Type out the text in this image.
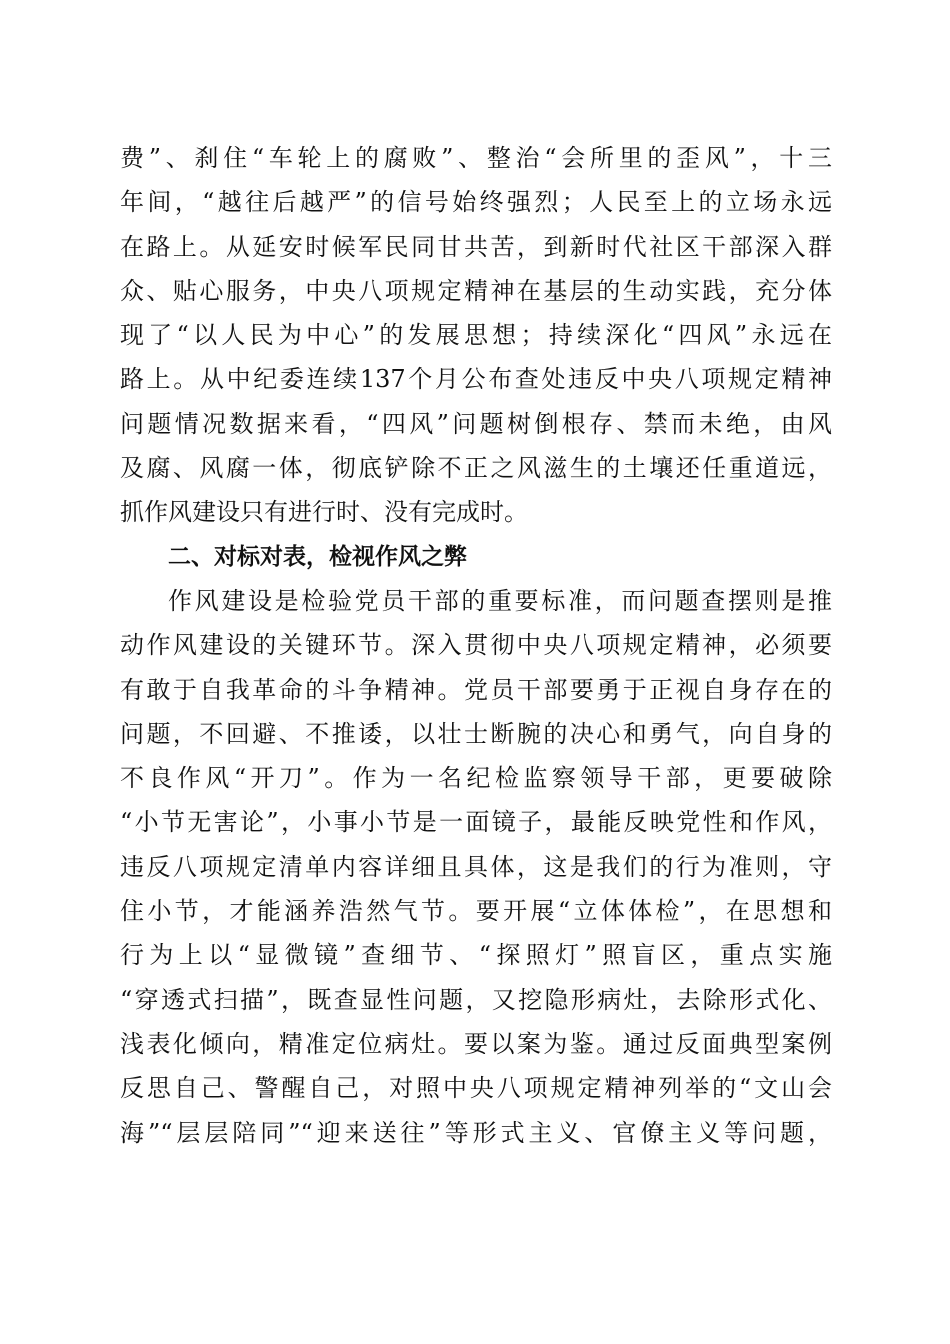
费”、刹住“车轮上的腐败”、整治“会所里的歪风”，十三
年间，“越往后越严”的信号始终强烈；人民至上的立场永远
在路上。从延安时候军民同甘共苦，到新时代社区干部深入群
众、贴心服务，中央八项规定精神在基层的生动实践，充分体
现了“以人民为中心”的发展思想；持续深化“四风”永远在
路上。从中纪委连续137个月公布查处违反中央八项规定精神
问题情况数据来看，“四风”问题树倒根存、禁而未绝，由风
及腐、风腐一体，彻底铲除不正之风滋生的土壤还任重道远，
抓作风建设只有进行时、没有完成时。
二、对标对表，检视作风之弊
作风建设是检验党员干部的重要标准，而问题查摆则是推
动作风建设的关键环节。深入贯彻中央八项规定精神，必须要
有敢于自我革命的斗争精神。党员干部要勇于正视自身存在的
问题，不回避、不推诿，以壮士断腕的决心和勇气，向自身的
不良作风“开刀”。作为一名纪检监察领导干部，更要破除
“小节无害论”，小事小节是一面镜子，最能反映党性和作风，
违反八项规定清单内容详细且具体，这是我们的行为准则，守
住小节，才能涵养浩然气节。要开展“立体体检”，在思想和
行为上以“显微镜”查细节、“探照灯”照盲区，重点实施
“穿透式扫描”，既查显性问题，又挖隐形病灶，去除形式化、
浅表化倾向，精准定位病灶。要以案为鉴。通过反面典型案例
反思自己、警醒自己，对照中央八项规定精神列举的“文山会
海”“层层陪同”“迎来送往”等形式主义、官僚主义等问题，
